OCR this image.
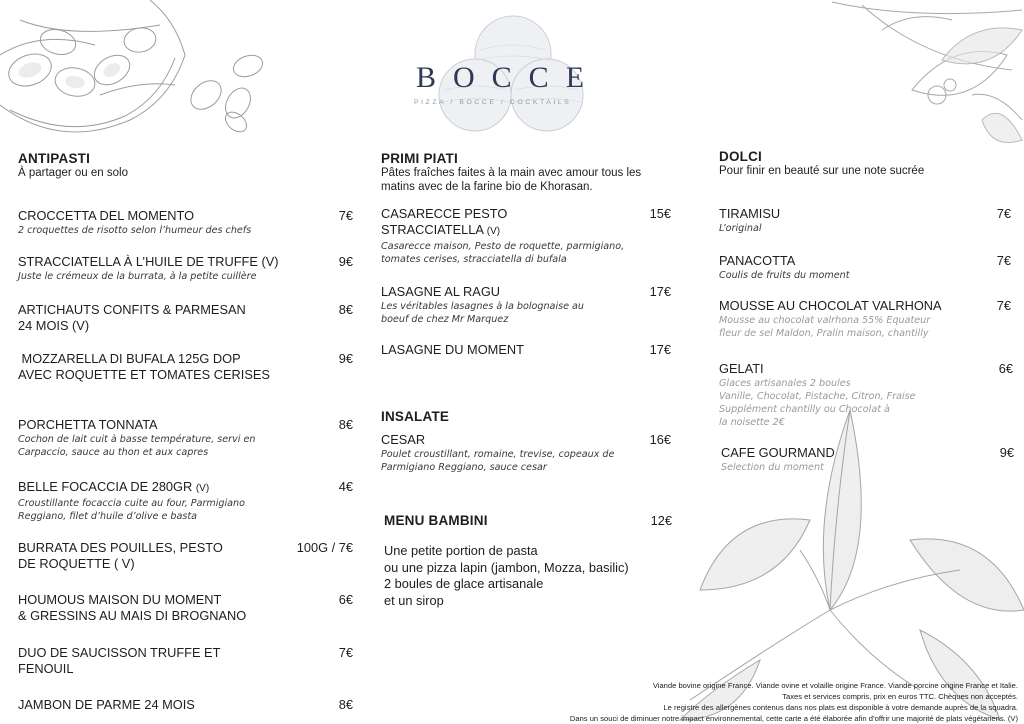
BOCCE
PIZZA / BOCCE / COCKTAILS
ANTIPASTI
À partager ou en solo
CROCCETTA DEL MOMENTO
2 croquettes de risotto selon l’humeur des chefs
7€
STRACCIATELLA À L’HUILE DE TRUFFE (V)
Juste le crémeux de la burrata, à la petite cuillère
9€
ARTICHAUTS CONFITS & PARMESAN
24 MOIS (V)
8€
MOZZARELLA DI BUFALA 125G DOP
AVEC ROQUETTE ET TOMATES CERISES
9€
PORCHETTA TONNATA
Cochon de lait cuit à basse température, servi en
Carpaccio, sauce au thon et aux capres
8€
BELLE FOCACCIA DE 280GR (V)
Croustillante focaccia cuite au four, Parmigiano
Reggiano, filet d’huile d’olive e basta
4€
BURRATA DES POUILLES, PESTO
DE ROQUETTE ( V)
100G / 7€
HOUMOUS MAISON DU MOMENT
& GRESSINS AU MAIS DI BROGNANO
6€
DUO DE SAUCISSON TRUFFE ET
FENOUIL
7€
JAMBON DE PARME 24 MOIS	8€
PRIMI PIATI
Pâtes fraîches faites à la main avec amour tous les
matins avec de la farine bio de Khorasan.
CASARECCE PESTO
STRACCIATELLA (V)
Casarecce maison, Pesto de roquette, parmigiano,
tomates cerises, stracciatella di bufala
15€
LASAGNE AL RAGU
Les véritables lasagnes à la bolognaise au
boeuf de chez Mr Marquez
17€
LASAGNE DU MOMENT	17€
INSALATE
CESAR
Poulet croustillant, romaine, trevise, copeaux de
Parmigiano Reggiano, sauce cesar
16€
MENU BAMBINI	12€
Une petite portion de pasta
ou une pizza lapin (jambon, Mozza, basilic)
2 boules de glace artisanale
et un sirop
DOLCI
Pour finir en beauté sur une note sucrée
TIRAMISU
L’original
7€
PANACOTTA
Coulis de fruits du moment
7€
MOUSSE AU CHOCOLAT VALRHONA
Mousse au chocolat valrhona 55% Equateur
fleur de sel Maldon, Pralin maison, chantilly
7€
GELATI
Glaces artisanales 2 boules
Vanille, Chocolat, Pistache, Citron, Fraise
Supplément chantilly ou Chocolat à
la noisette 2€
6€
CAFE GOURMAND
Selection du moment
9€
Viande bovine origine France. Viande ovine et volaille origine France. Viande porcine origine France et Italie.
Taxes et services compris, prix en euros TTC. Chèques non acceptés.
Le registre des allergènes contenus dans nos plats est disponible à votre demande auprès de la squadra.
Dans un souci de diminuer notre impact environnemental, cette carte a été élaborée afin d’offrir une majorité de plats végétariens. (V)
